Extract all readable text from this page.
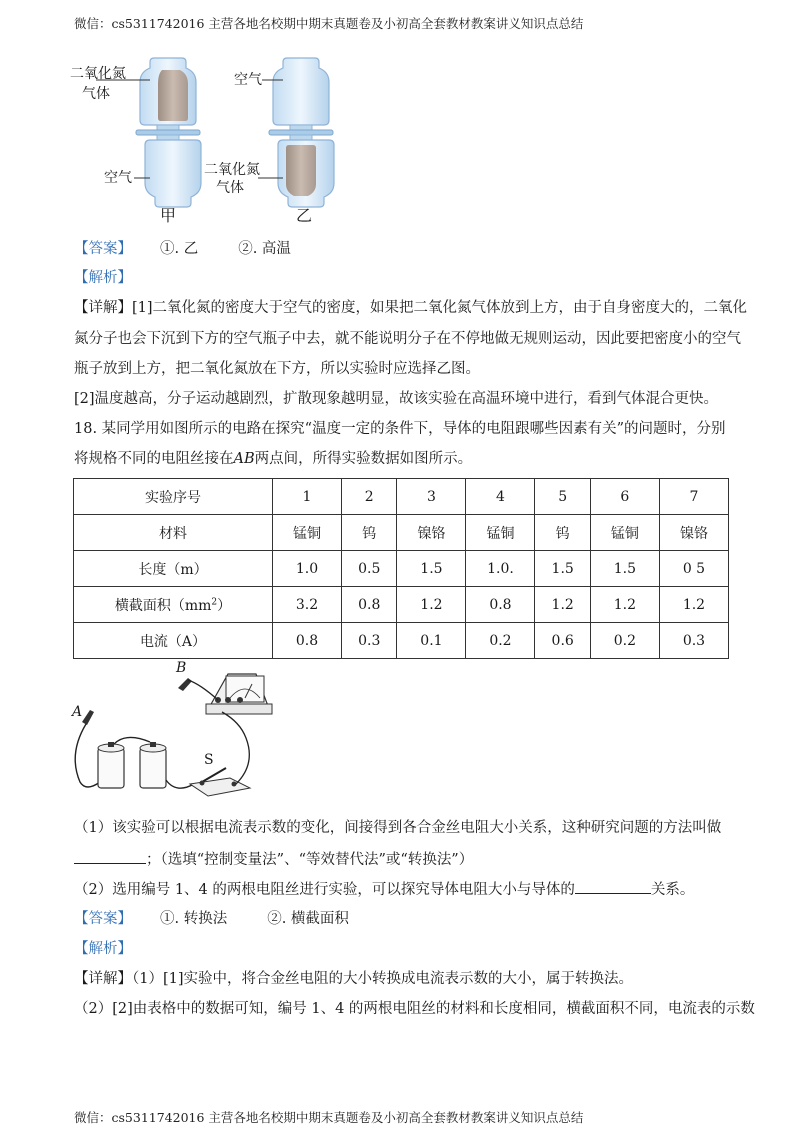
微信：cs5311742016 主营各地名校期中期末真题卷及小初高全套教材教案讲义知识点总结
二氧化氮
气体
空气
甲
空气
二氧化氮
气体
乙
【答案】 ①. 乙	②. 高温
【解析】
【详解】[1]二氧化氮的密度大于空气的密度，如果把二氧化氮气体放到上方，由于自身密度大的，二氧化
氮分子也会下沉到下方的空气瓶子中去，就不能说明分子在不停地做无规则运动，因此要把密度小的空气
瓶子放到上方，把二氧化氮放在下方，所以实验时应选择乙图。
[2]温度越高，分子运动越剧烈，扩散现象越明显，故该实验在高温环境中进行，看到气体混合更快。
18. 某同学用如图所示的电路在探究“温度一定的条件下，导体的电阻跟哪些因素有关”的问题时，分别
将规格不同的电阻丝接在AB两点间，所得实验数据如图所示。
实验序号	1	2	3	4	5	6	7
材料	锰铜	钨	镍铬	锰铜	钨	锰铜	镍铬
长度（m）	1.0	0.5	1.5	1.0.	1.5	1.5	0 5
横截面积$(mm^2)$	3.2	0.8	1.2	0.8	1.2	1.2	1.2
电流（A）	0.8	0.3	0.1	0.2	0.6	0.2	0.3
B
A
S
（1）该实验可以根据电流表示数的变化，间接得到各合金丝电阻大小关系，这种研究问题的方法叫做
；（选填“控制变量法”、“等效替代法”或“转换法”）
（2）选用编号 1、4 的两根电阻丝进行实验，可以探究导体电阻大小与导体的	关系。
【答案】 ①. 转换法	②. 横截面积
【解析】
【详解】（1）[1]实验中，将合金丝电阻的大小转换成电流表示数的大小，属于转换法。
（2）[2]由表格中的数据可知，编号 1、4 的两根电阻丝的材料和长度相同，横截面积不同，电流表的示数
微信：cs5311742016 主营各地名校期中期末真题卷及小初高全套教材教案讲义知识点总结
